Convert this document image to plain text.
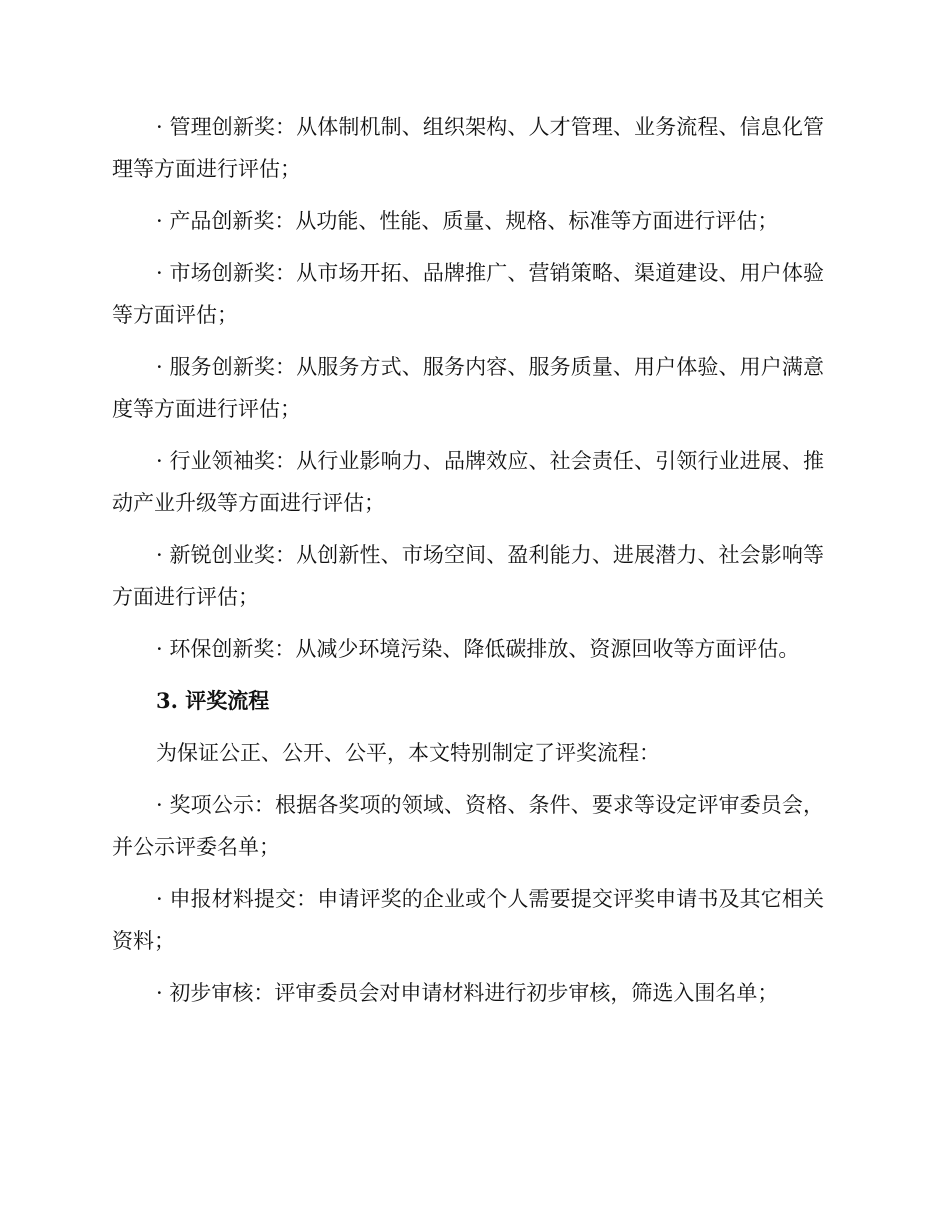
· 管理创新奖：从体制机制、组织架构、人才管理、业务流程、信息化管理等方面进行评估；

· 产品创新奖：从功能、性能、质量、规格、标准等方面进行评估；

· 市场创新奖：从市场开拓、品牌推广、营销策略、渠道建设、用户体验等方面评估；

· 服务创新奖：从服务方式、服务内容、服务质量、用户体验、用户满意度等方面进行评估；

· 行业领袖奖：从行业影响力、品牌效应、社会责任、引领行业进展、推动产业升级等方面进行评估；

· 新锐创业奖：从创新性、市场空间、盈利能力、进展潜力、社会影响等方面进行评估；

· 环保创新奖：从减少环境污染、降低碳排放、资源回收等方面评估。

3. 评奖流程

为保证公正、公开、公平，本文特别制定了评奖流程：

· 奖项公示：根据各奖项的领域、资格、条件、要求等设定评审委员会，并公示评委名单；

· 申报材料提交：申请评奖的企业或个人需要提交评奖申请书及其它相关资料；

· 初步审核：评审委员会对申请材料进行初步审核，筛选入围名单；
